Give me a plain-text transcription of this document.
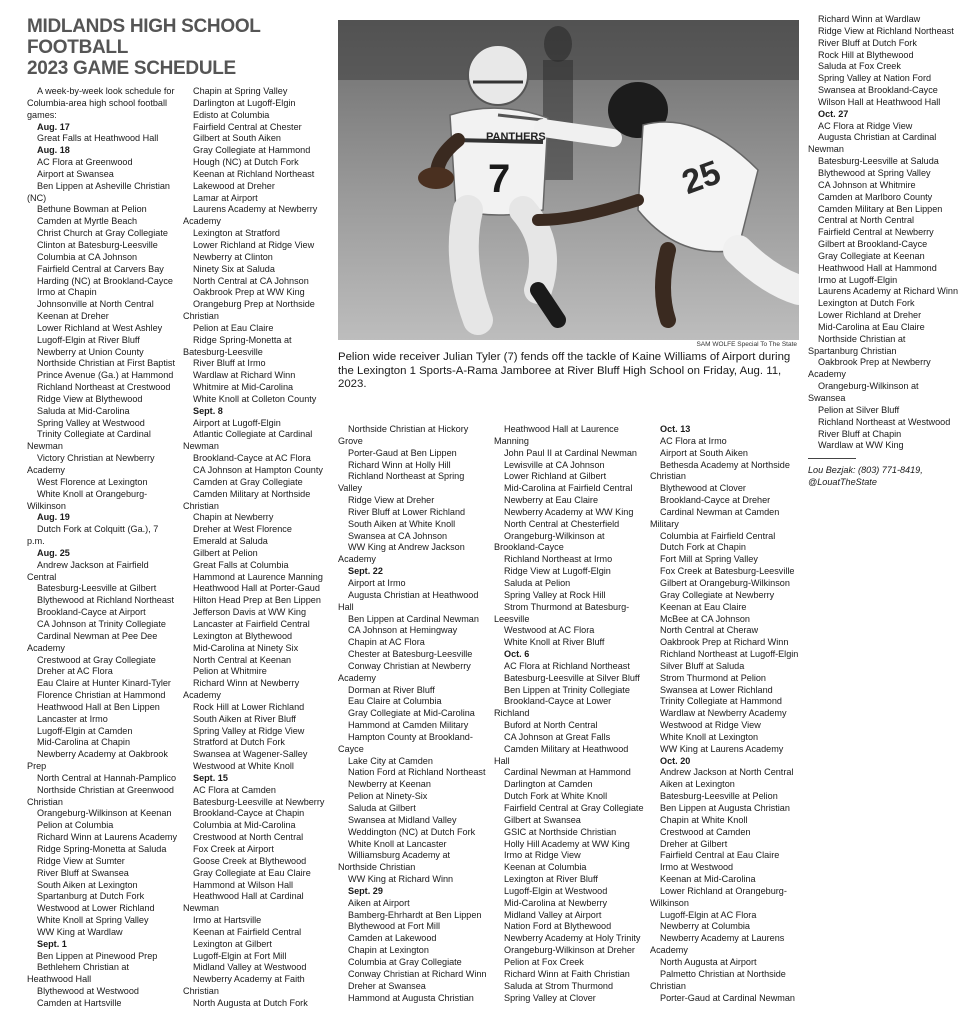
MIDLANDS HIGH SCHOOL FOOTBALL
2023 GAME SCHEDULE
PANTHERS
7	25
SAM WOLFE Special To The State
Pelion wide receiver Julian Tyler (7) fends off the tackle of Kaine Williams of Airport during the Lexington 1 Sports-A-Rama Jamboree at River Bluff High School on Friday, Aug. 11, 2023.

A week-by-week look schedule for Columbia-area high school football games:

Aug. 17

Great Falls at Heathwood Hall

Aug. 18

AC Flora at Greenwood

Airport at Swansea

Ben Lippen at Asheville Christian (NC)

Bethune Bowman at Pelion

Camden at Myrtle Beach

Christ Church at Gray Collegiate

Clinton at Batesburg-Leesville

Columbia at CA Johnson

Fairfield Central at Carvers Bay

Harding (NC) at Brookland-Cayce

Irmo at Chapin

Johnsonville at North Central

Keenan at Dreher

Lower Richland at West Ashley

Lugoff-Elgin at River Bluff

Newberry at Union County

Northside Christian at First Baptist

Prince Avenue (Ga.) at Hammond

Richland Northeast at Crestwood

Ridge View at Blythewood

Saluda at Mid-Carolina

Spring Valley at Westwood

Trinity Collegiate at Cardinal Newman

Victory Christian at Newberry Academy

West Florence at Lexington

White Knoll at Orangeburg-Wilkinson

Aug. 19

Dutch Fork at Colquitt (Ga.), 7 p.m.

Aug. 25

Andrew Jackson at Fairfield Central

Batesburg-Leesville at Gilbert

Blythewood at Richland Northeast

Brookland-Cayce at Airport

CA Johnson at Trinity Collegiate

Cardinal Newman at Pee Dee Academy

Crestwood at Gray Collegiate

Dreher at AC Flora

Eau Claire at Hunter Kinard-Tyler

Florence Christian at Hammond

Heathwood Hall at Ben Lippen

Lancaster at Irmo

Lugoff-Elgin at Camden

Mid-Carolina at Chapin

Newberry Academy at Oakbrook Prep

North Central at Hannah-Pamplico

Northside Christian at Greenwood Christian

Orangeburg-Wilkinson at Keenan

Pelion at Columbia

Richard Winn at Laurens Academy

Ridge Spring-Monetta at Saluda

Ridge View at Sumter

River Bluff at Swansea

South Aiken at Lexington

Spartanburg at Dutch Fork

Westwood at Lower Richland

White Knoll at Spring Valley

WW King at Wardlaw

Sept. 1

Ben Lippen at Pinewood Prep

Bethlehem Christian at Heathwood Hall

Blythewood at Westwood

Camden at Hartsville

Chapin at Spring Valley

Darlington at Lugoff-Elgin

Edisto at Columbia

Fairfield Central at Chester

Gilbert at South Aiken

Gray Collegiate at Hammond

Hough (NC) at Dutch Fork

Keenan at Richland Northeast

Lakewood at Dreher

Lamar at Airport

Laurens Academy at Newberry Academy

Lexington at Stratford

Lower Richland at Ridge View

Newberry at Clinton

Ninety Six at Saluda

North Central at CA Johnson

Oakbrook Prep at WW King

Orangeburg Prep at Northside Christian

Pelion at Eau Claire

Ridge Spring-Monetta at Batesburg-Leesville

River Bluff at Irmo

Wardlaw at Richard Winn

Whitmire at Mid-Carolina

White Knoll at Colleton County

Sept. 8

Airport at Lugoff-Elgin

Atlantic Collegiate at Cardinal Newman

Brookland-Cayce at AC Flora

CA Johnson at Hampton County

Camden at Gray Collegiate

Camden Military at Northside Christian

Chapin at Newberry

Dreher at West Florence

Emerald at Saluda

Gilbert at Pelion

Great Falls at Columbia

Hammond at Laurence Manning

Heathwood Hall at Porter-Gaud

Hilton Head Prep at Ben Lippen

Jefferson Davis at WW King

Lancaster at Fairfield Central

Lexington at Blythewood

Mid-Carolina at Ninety Six

North Central at Keenan

Pelion at Whitmire

Richard Winn at Newberry Academy

Rock Hill at Lower Richland

South Aiken at River Bluff

Spring Valley at Ridge View

Stratford at Dutch Fork

Swansea at Wagener-Salley

Westwood at White Knoll

Sept. 15

AC Flora at Camden

Batesburg-Leesville at Newberry

Brookland-Cayce at Chapin

Columbia at Mid-Carolina

Crestwood at North Central

Fox Creek at Airport

Goose Creek at Blythewood

Gray Collegiate at Eau Claire

Hammond at Wilson Hall

Heathwood Hall at Cardinal Newman

Irmo at Hartsville

Keenan at Fairfield Central

Lexington at Gilbert

Lugoff-Elgin at Fort Mill

Midland Valley at Westwood

Newberry Academy at Faith Christian

North Augusta at Dutch Fork

Northside Christian at Hickory Grove

Porter-Gaud at Ben Lippen

Richard Winn at Holly Hill

Richland Northeast at Spring Valley

Ridge View at Dreher

River Bluff at Lower Richland

South Aiken at White Knoll

Swansea at CA Johnson

WW King at Andrew Jackson Academy

Sept. 22

Airport at Irmo

Augusta Christian at Heathwood Hall

Ben Lippen at Cardinal Newman

CA Johnson at Hemingway

Chapin at AC Flora

Chester at Batesburg-Leesville

Conway Christian at Newberry Academy

Dorman at River Bluff

Eau Claire at Columbia

Gray Collegiate at Mid-Carolina

Hammond at Camden Military

Hampton County at Brookland-Cayce

Lake City at Camden

Nation Ford at Richland Northeast

Newberry at Keenan

Pelion at Ninety-Six

Saluda at Gilbert

Swansea at Midland Valley

Weddington (NC) at Dutch Fork

White Knoll at Lancaster

Williamsburg Academy at Northside Christian

WW King at Richard Winn

Sept. 29

Aiken at Airport

Bamberg-Ehrhardt at Ben Lippen

Blythewood at Fort Mill

Camden at Lakewood

Chapin at Lexington

Columbia at Gray Collegiate

Conway Christian at Richard Winn

Dreher at Swansea

Hammond at Augusta Christian

Heathwood Hall at Laurence Manning

John Paul II at Cardinal Newman

Lewisville at CA Johnson

Lower Richland at Gilbert

Mid-Carolina at Fairfield Central

Newberry at Eau Claire

Newberry Academy at WW King

North Central at Chesterfield

Orangeburg-Wilkinson at Brookland-Cayce

Richland Northeast at Irmo

Ridge View at Lugoff-Elgin

Saluda at Pelion

Spring Valley at Rock Hill

Strom Thurmond at Batesburg-Leesville

Westwood at AC Flora

White Knoll at River Bluff

Oct. 6

AC Flora at Richland Northeast

Batesburg-Leesville at Silver Bluff

Ben Lippen at Trinity Collegiate

Brookland-Cayce at Lower Richland

Buford at North Central

CA Johnson at Great Falls

Camden Military at Heathwood Hall

Cardinal Newman at Hammond

Darlington at Camden

Dutch Fork at White Knoll

Fairfield Central at Gray Collegiate

Gilbert at Swansea

GSIC at Northside Christian

Holly Hill Academy at WW King

Irmo at Ridge View

Keenan at Columbia

Lexington at River Bluff

Lugoff-Elgin at Westwood

Mid-Carolina at Newberry

Midland Valley at Airport

Nation Ford at Blythewood

Newberry Academy at Holy Trinity

Orangeburg-Wilkinson at Dreher

Pelion at Fox Creek

Richard Winn at Faith Christian

Saluda at Strom Thurmond

Spring Valley at Clover

Oct. 13

AC Flora at Irmo

Airport at South Aiken

Bethesda Academy at Northside Christian

Blythewood at Clover

Brookland-Cayce at Dreher

Cardinal Newman at Camden Military

Columbia at Fairfield Central

Dutch Fork at Chapin

Fort Mill at Spring Valley

Fox Creek at Batesburg-Leesville

Gilbert at Orangeburg-Wilkinson

Gray Collegiate at Newberry

Keenan at Eau Claire

McBee at CA Johnson

North Central at Cheraw

Oakbrook Prep at Richard Winn

Richland Northeast at Lugoff-Elgin

Silver Bluff at Saluda

Strom Thurmond at Pelion

Swansea at Lower Richland

Trinity Collegiate at Hammond

Wardlaw at Newberry Academy

Westwood at Ridge View

White Knoll at Lexington

WW King at Laurens Academy

Oct. 20

Andrew Jackson at North Central

Aiken at Lexington

Batesburg-Leesville at Pelion

Ben Lippen at Augusta Christian

Chapin at White Knoll

Crestwood at Camden

Dreher at Gilbert

Fairfield Central at Eau Claire

Irmo at Westwood

Keenan at Mid-Carolina

Lower Richland at Orangeburg-Wilkinson

Lugoff-Elgin at AC Flora

Newberry at Columbia

Newberry Academy at Laurens Academy

North Augusta at Airport

Palmetto Christian at Northside Christian

Porter-Gaud at Cardinal Newman

Richard Winn at Wardlaw

Ridge View at Richland Northeast

River Bluff at Dutch Fork

Rock Hill at Blythewood

Saluda at Fox Creek

Spring Valley at Nation Ford

Swansea at Brookland-Cayce

Wilson Hall at Heathwood Hall

Oct. 27

AC Flora at Ridge View

Augusta Christian at Cardinal Newman

Batesburg-Leesville at Saluda

Blythewood at Spring Valley

CA Johnson at Whitmire

Camden at Marlboro County

Camden Military at Ben Lippen

Central at North Central

Fairfield Central at Newberry

Gilbert at Brookland-Cayce

Gray Collegiate at Keenan

Heathwood Hall at Hammond

Irmo at Lugoff-Elgin

Laurens Academy at Richard Winn

Lexington at Dutch Fork

Lower Richland at Dreher

Mid-Carolina at Eau Claire

Northside Christian at Spartanburg Christian

Oakbrook Prep at Newberry Academy

Orangeburg-Wilkinson at Swansea

Pelion at Silver Bluff

Richland Northeast at Westwood

River Bluff at Chapin

Wardlaw at WW King

Lou Bezjak: (803) 771-8419,

@LouatTheState
